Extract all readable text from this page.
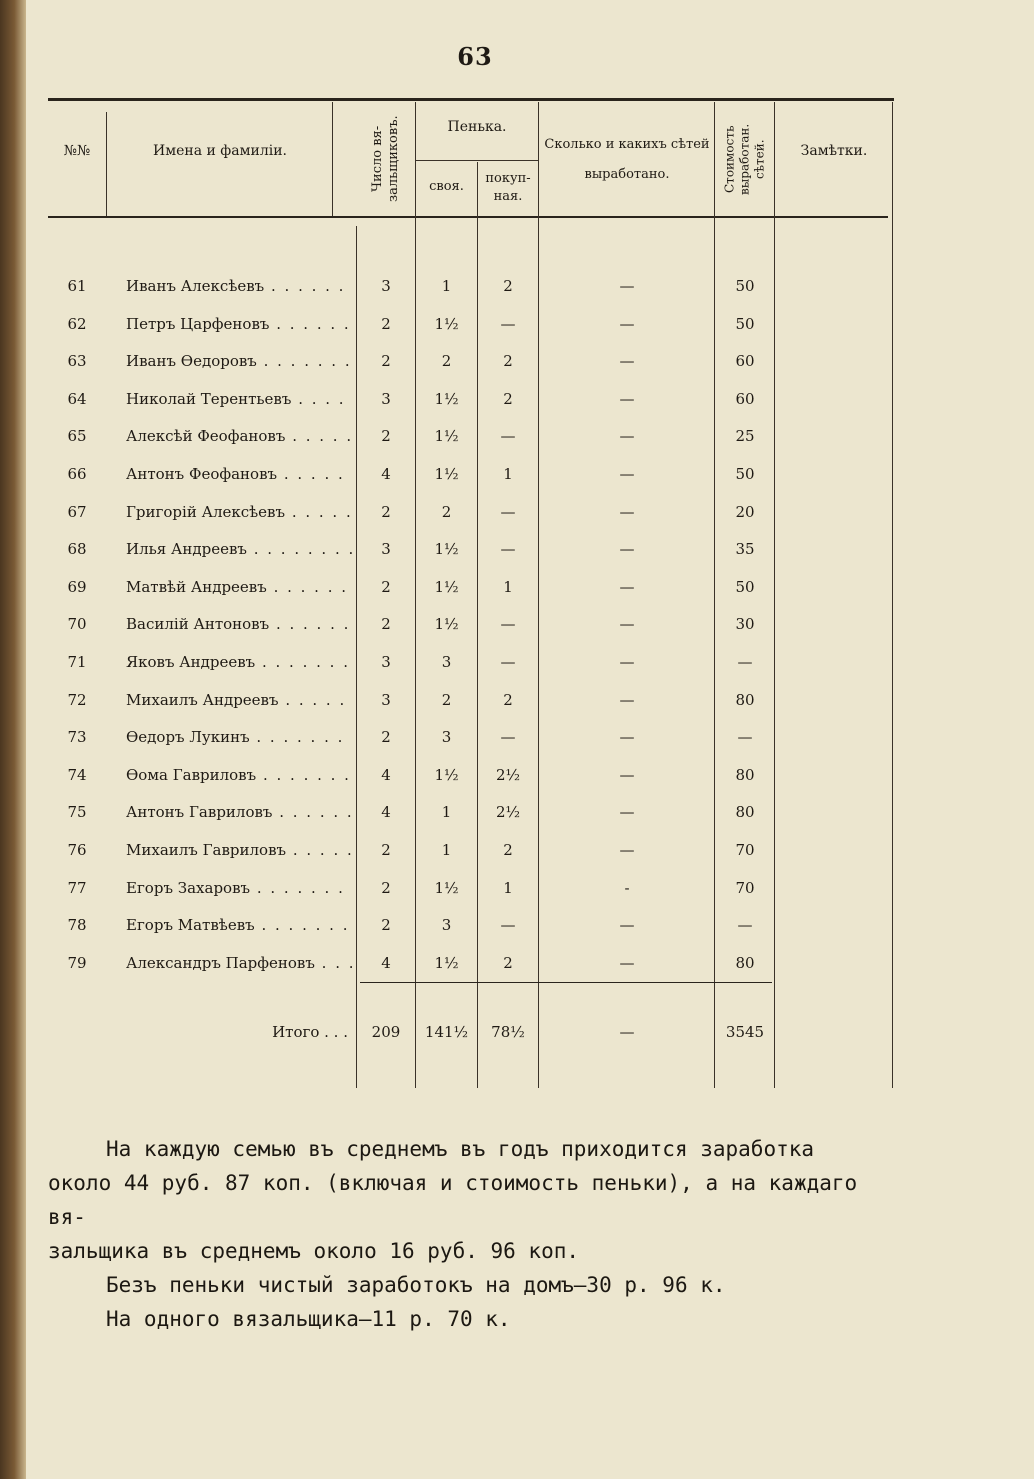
63
№№	Имена и фамиліи.	Число вя-зальщиковъ.	Пенька.
своя.
покуп-ная.
Сколько и какихъ сѣтей выработано.	Стоимость выработан. сѣтей.	Замѣтки.
61	Иванъ Алексѣевъ . . .	3	1	2	—	50
62	Петръ Царфеновъ . . .	2	1½	—	—	50
63	Иванъ Өедоровъ . . .	2	2	2	—	60
64	Николай Терентьевъ . . .	3	1½	2	—	60
65	Алексѣй Феофановъ . . .	2	1½	—	—	25
66	Антонъ Феофановъ . . .	4	1½	1	—	50
67	Григорій Алексѣевъ . . .	2	2	—	—	20
68	Илья Андреевъ . . .	3	1½	—	—	35
69	Матвѣй Андреевъ . . .	2	1½	1	—	50
70	Василій Антоновъ . . .	2	1½	—	—	30
71	Яковъ Андреевъ . . .	3	3	—	—	—
72	Михаилъ Андреевъ . . .	3	2	2	—	80
73	Өедоръ Лукинъ . . .	2	3	—	—	—
74	Өома Гавриловъ . . .	4	1½	2½	—	80
75	Антонъ Гавриловъ . . .	4	1	2½	—	80
76	Михаилъ Гавриловъ . . .	2	1	2	—	70
77	Егоръ Захаровъ . . .	2	1½	1	-	70
78	Егоръ Матвѣевъ . . .	2	3	—	—	—
79	Александръ Парфеновъ . . .	4	1½	2	—	80
Итого . . .	209	141½	78½	—	3545

На каждую семью въ среднемъ въ годъ приходится заработка
около 44 руб. 87 коп. (включая и стоимость пеньки), а на каждаго вя-
зальщика въ среднемъ около 16 руб. 96 коп.

Безъ пеньки чистый заработокъ на домъ—30 р. 96 к.

На одного вязальщика—11 р. 70 к.
